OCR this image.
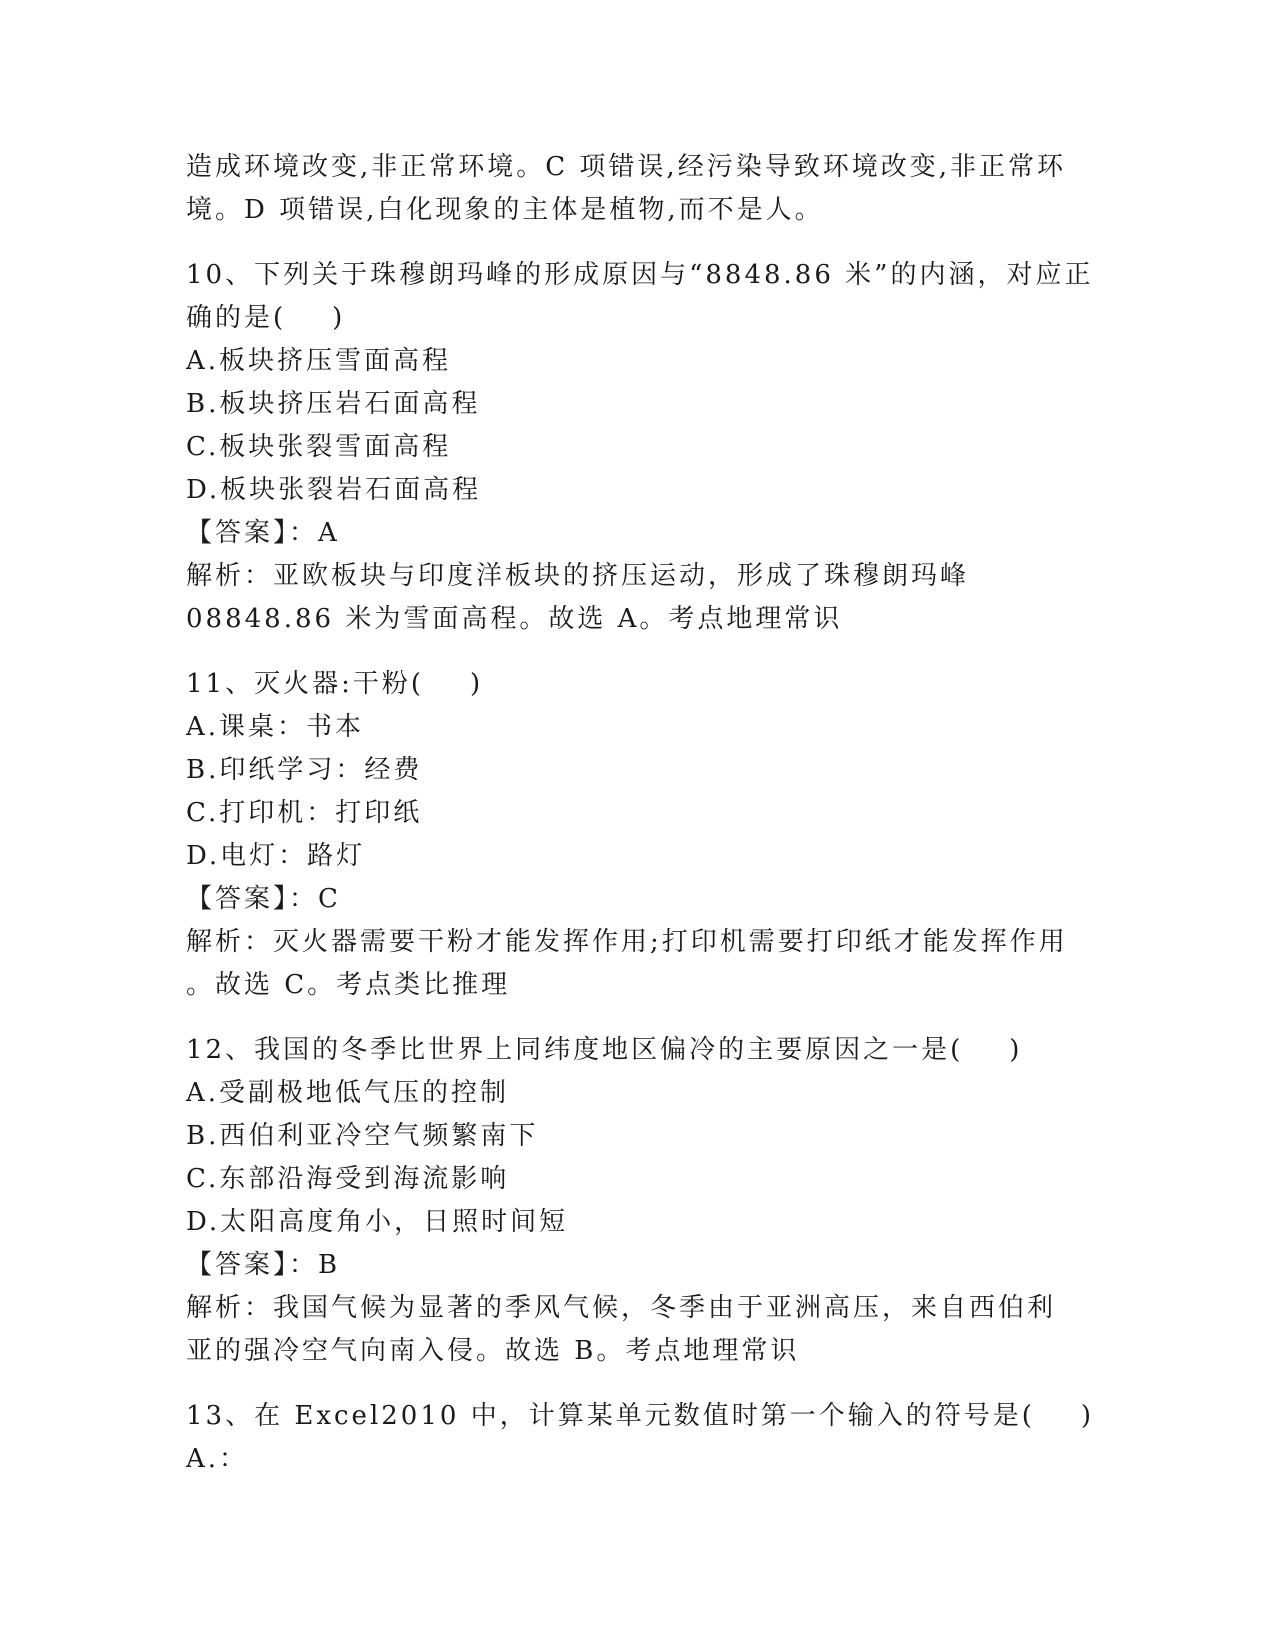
造成环境改变,非正常环境。C 项错误,经污染导致环境改变,非正常环
境。D 项错误,白化现象的主体是植物,而不是人。
10、下列关于珠穆朗玛峰的形成原因与“8848.86 米”的内涵，对应正
确的是( )
A.板块挤压雪面高程
B.板块挤压岩石面高程
C.板块张裂雪面高程
D.板块张裂岩石面高程
【答案】：A
解析：亚欧板块与印度洋板块的挤压运动，形成了珠穆朗玛峰
08848.86 米为雪面高程。故选 A。考点地理常识
11、灭火器:干粉( )
A.课桌：书本
B.印纸学习：经费
C.打印机：打印纸
D.电灯：路灯
【答案】：C
解析：灭火器需要干粉才能发挥作用;打印机需要打印纸才能发挥作用
。故选 C。考点类比推理
12、我国的冬季比世界上同纬度地区偏冷的主要原因之一是( )
A.受副极地低气压的控制
B.西伯利亚冷空气频繁南下
C.东部沿海受到海流影响
D.太阳高度角小，日照时间短
【答案】：B
解析：我国气候为显著的季风气候，冬季由于亚洲高压，来自西伯利
亚的强冷空气向南入侵。故选 B。考点地理常识
13、在 Excel2010 中，计算某单元数值时第一个输入的符号是( )
A.：
